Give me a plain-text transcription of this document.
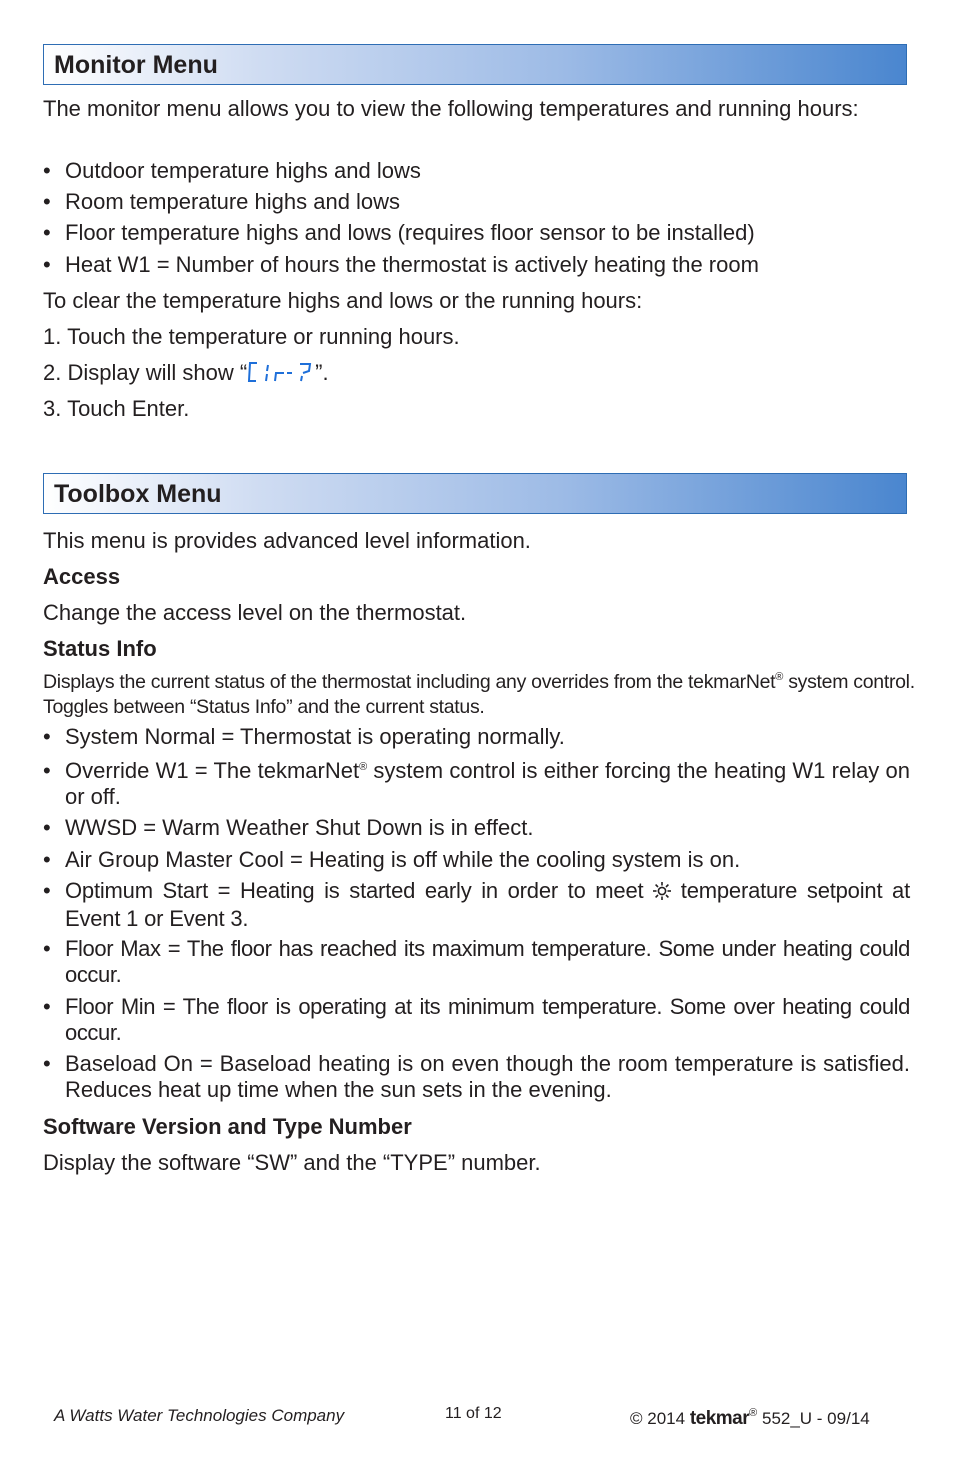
Monitor Menu

The monitor menu allows you to view the following temperatures and running hours:

• Outdoor temperature highs and lows
• Room temperature highs and lows
• Floor temperature highs and lows (requires floor sensor to be installed)
• Heat W1 = Number of hours the thermostat is actively heating the room

To clear the temperature highs and lows or the running hours:

1. Touch the temperature or running hours.

2. Display will show “	”.

3. Touch Enter.

Toolbox Menu

This menu is provides advanced level information.

Access

Change the access level on the thermostat.

Status Info
Displays the current status of the thermostat including any overrides from the tekmarNet® system control. Toggles between “Status Info” and the current status.
• System Normal = Thermostat is operating normally.
• Override W1 = The tekmarNet® system control is either forcing the heating W1 relay on or off.
• WWSD = Warm Weather Shut Down is in effect.
• Air Group Master Cool = Heating is off while the cooling system is on.
• Optimum Start = Heating is started early in order to meet  temperature setpoint at Event 1 or Event 3.
• Floor Max = The floor has reached its maximum temperature. Some under heating could occur.
• Floor Min = The floor is operating at its minimum temperature. Some over heating could occur.
• Baseload On = Baseload heating is on even though the room temperature is satisfied. Reduces heat up time when the sun sets in the evening.
Software Version and Type Number

Display the software “SW” and the “TYPE” number.

A Watts Water Technologies Company	11 of 12	© 2014 tekmar® 552_U - 09/14
